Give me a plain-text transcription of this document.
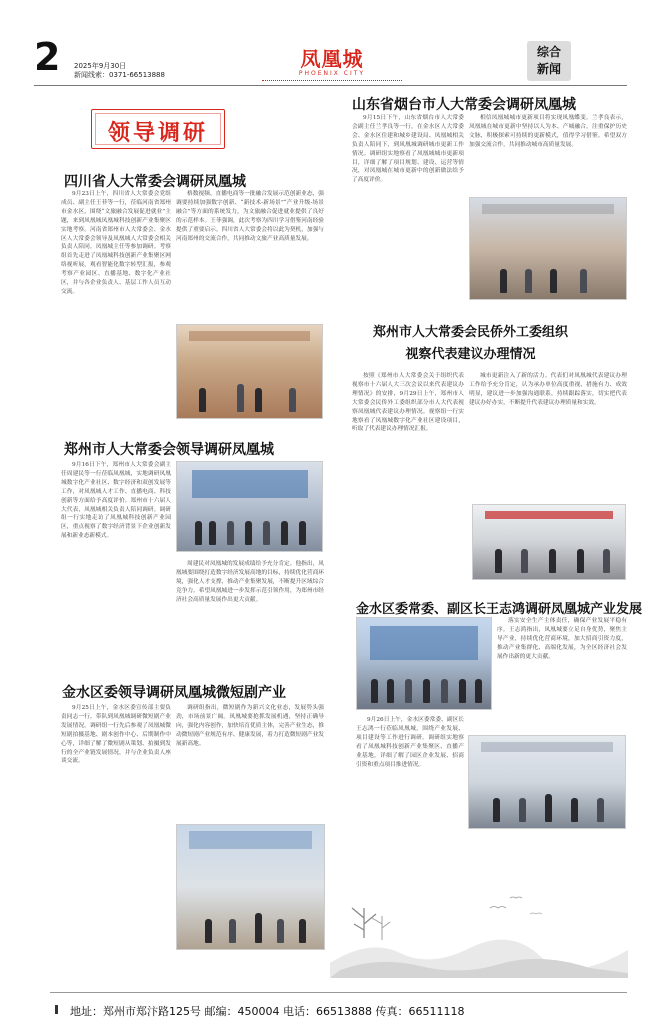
2 2025年9月30日
新闻线索：0371-66513888
凤凰城
PHOENIX CITY
综合
新闻
领导调研
四川省人大常委会调研凤凰城
9月23日上午，四川省人大常委会党组成员、副主任王菲等一行，莅临河南省郑州市金水区，围绕“文旅融合发展促进就业”主题，来到凤凰城凤凰城科技创新产业集聚区实地考察。河南省郑州市人大常委会、金水区人大常委会领导及凤凰城人大常委会相关负责人陪同。凤凰城主任等参加调研。考察组首先走进了凤凰城科技创新产业集聚区网络视听展，观看智能化数字转型汇报，参观考察产业园区、直播基地、数字化产业社区，并与各企业负责人、基层工作人员互动交流。
格数视频、直播电商等一批融合发展示范创新业态，强调要持续加强数字创新、“新技术-新场景”“产业升级-场景融合”等方面的系统发力，为文旅融合促进就业提供了良好的示范样本。王菲强调，此次考察为四川学习借鉴河南经验提供了重要启示。四川省人大常委会将以此为契机，加强与河南郑州的交流合作，共同推动文旅产业高质量发展。
郑州市人大常委会领导调研凤凰城
9月16日下午，郑州市人大常委会副主任周建民等一行莅临凤凰城，实地调研凤凰城数字化产业社区、数字经济和双创发展等工作，对凤凰城人才工作、直播电商、科技创新等方面给予高度评价。郑州市十六届人大代表，凤凰城相关负责人陪同调研。调研组一行实地走访了凤凰城科技创新产业园区，重点视察了数字经济背景下企业创新发展和新业态新模式。
周建民对凤凰城的发展成绩给予充分肯定。他指出，凤凰城要围绕打造数字经济发展高地的目标，持续优化营商环境，强化人才支撑，推动产业集聚发展，不断提升区域综合竞争力。希望凤凰城进一步发挥示范引领作用，为郑州市经济社会高质量发展作出更大贡献。
金水区委领导调研凤凰城微短剧产业
9月25日上午，金水区委宣传部主要负责同志一行，带队到凤凰城调研微短剧产业发展情况。调研组一行先后参观了凤凰城微短剧拍摄基地、剧本创作中心、后期制作中心等，详细了解了微短剧从策划、拍摄到发行的全产业链发展情况，并与企业负责人座谈交流。
调研组指出，微短剧作为新兴文化业态，发展势头强劲，市场前景广阔。凤凰城要抢抓发展机遇，坚持正确导向，强化内容创作，加快培育优质主体，完善产业生态，推动微短剧产业规范有序、健康发展，着力打造微短剧产业发展新高地。
山东省烟台市人大常委会调研凤凰城
9月15日下午，山东省烟台市人大常委会副主任兰孝良等一行，在金水区人大常委会、金水区住建和城乡建设局、凤凰城相关负责人陪同下，到凤凰城调研城市更新工作情况。调研组实地察看了凤凰城城市更新项目，详细了解了项目规划、建设、运营等情况，对凤凰城在城市更新中的创新做法给予了高度评价。
相信凤凰城城市更新项目将实现凤凰蝶变。兰孝良表示，凤凰城在城市更新中坚持以人为本、产城融合，注重保护历史文脉，积极探索可持续的更新模式，值得学习借鉴。希望双方加强交流合作，共同推动城市高质量发展。
郑州市人大常委会民侨外工委组织
视察代表建议办理情况
按照《郑州市人大常委会关于组织代表视察市十六届人大三次会议以来代表建议办理情况》的安排，9月29日上午，郑州市人大常委会民侨外工委组织部分市人大代表视察凤凰城代表建议办理情况。视察组一行实地察看了凤凰城数字化产业社区建设项目，听取了代表建议办理情况汇报。
城市更新注入了新的活力。代表们对凤凰城代表建议办理工作给予充分肯定，认为承办单位高度重视、措施有力、成效明显，建议进一步加强沟通联系，持续跟踪落实，切实把代表建议办好办实，不断提升代表建议办理质量和实效。
金水区委常委、副区长王志鸿调研凤凰城产业发展
落实安全生产主体责任，确保产业发展平稳有序。王志鸿指出，凤凰城要立足自身优势，聚焦主导产业，持续优化营商环境，加大招商引资力度，推动产业集群化、高端化发展，为全区经济社会发展作出新的更大贡献。
9月26日上午，金水区委常委、副区长王志鸿一行莅临凤凰城，围绕产业发展、项目建设等工作进行调研。调研组实地察看了凤凰城科技创新产业集聚区、直播产业基地，详细了解了园区企业发展、招商引资和重点项目推进情况。
地址：郑州市郑汴路125号 邮编：450004 电话：66513888 传真：66511118
